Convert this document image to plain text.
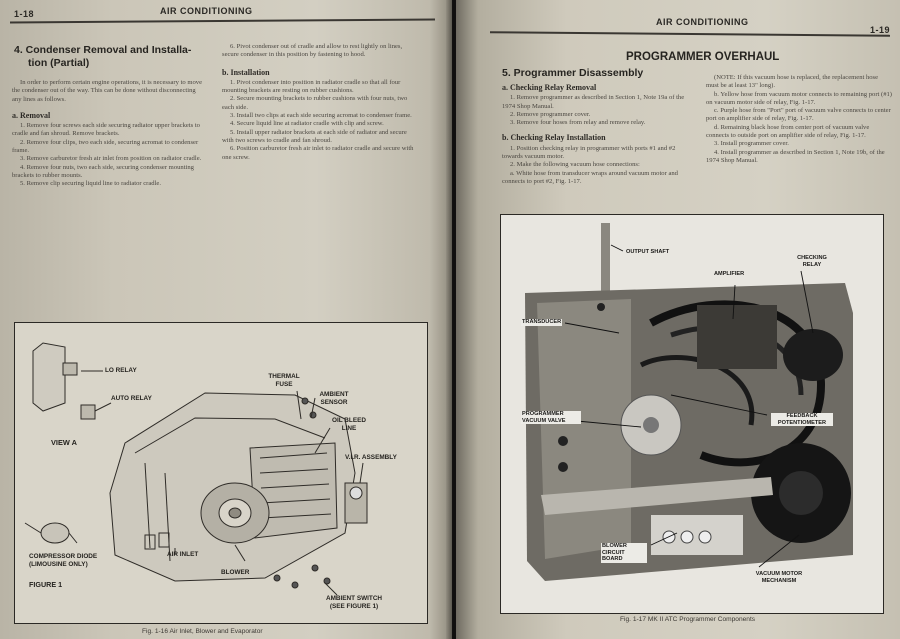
1-18	AIR CONDITIONING
4. Condenser Removal and Installa-
tion (Partial)

In order to perform certain engine operations, it is necessary to move the condenser out of the way. This can be done without disconnecting any lines as follows.

a. Removal

1. Remove four screws each side securing radiator upper brackets to cradle and fan shroud. Remove brackets.

2. Remove four clips, two each side, securing acromat to condenser frame.

3. Remove carburetor fresh air inlet from position on radiator cradle.

4. Remove four nuts, two each side, securing condenser mounting brackets to rubber mounts.

5. Remove clip securing liquid line to radiator cradle.

6. Pivot condenser out of cradle and allow to rest lightly on lines, secure condenser in this position by fastening to hood.

b. Installation

1. Pivot condenser into position in radiator cradle so that all four mounting brackets are resting on rubber cushions.

2. Secure mounting brackets to rubber cushions with four nuts, two each side.

3. Install two clips at each side securing acromat to condenser frame.

4. Secure liquid line at radiator cradle with clip and screw.

5. Install upper radiator brackets at each side of radiator and secure with two screws to cradle and fan shroud.

6. Position carburetor fresh air inlet to radiator cradle and secure with one screw.

LO RELAY
AUTO RELAY
VIEW A
THERMAL FUSE
AMBIENT SENSOR
OIL BLEED LINE
V.I.R. ASSEMBLY
COMPRESSOR DIODE
(LIMOUSINE ONLY)
FIGURE 1
AIR INLET
BLOWER
AMBIENT SWITCH
(SEE FIGURE 1)
Fig. 1-16 Air Inlet, Blower and Evaporator
AIR CONDITIONING
1-19
PROGRAMMER OVERHAUL
5. Programmer Disassembly
a. Checking Relay Removal

1. Remove programmer as described in Section 1, Note 19a of the 1974 Shop Manual.

2. Remove programmer cover.

3. Remove four hoses from relay and remove relay.

b. Checking Relay Installation

1. Position checking relay in programmer with ports #1 and #2 towards vacuum motor.

2. Make the following vacuum hose connections:

a. White hose from transducer wraps around vacuum motor and connects to port #2, Fig. 1-17.

(NOTE: If this vacuum hose is replaced, the replacement hose must be at least 13" long).

b. Yellow hose from vacuum motor connects to remaining port (#1) on vacuum motor side of relay, Fig. 1-17.

c. Purple hose from "Port" port of vacuum valve connects to center port on amplifier side of relay, Fig. 1-17.

d. Remaining black hose from center port of vacuum valve connects to outside port on amplifier side of relay, Fig. 1-17.

3. Install programmer cover.

4. Install programmer as described in Section 1, Note 19b, of the 1974 Shop Manual.

OUTPUT SHAFT
AMPLIFIER
CHECKING RELAY
TRANSDUCER
PROGRAMMER VACUUM VALVE
FEEDBACK POTENTIOMETER
BLOWER CIRCUIT BOARD
VACUUM MOTOR MECHANISM
Fig. 1-17 MK II ATC Programmer Components
